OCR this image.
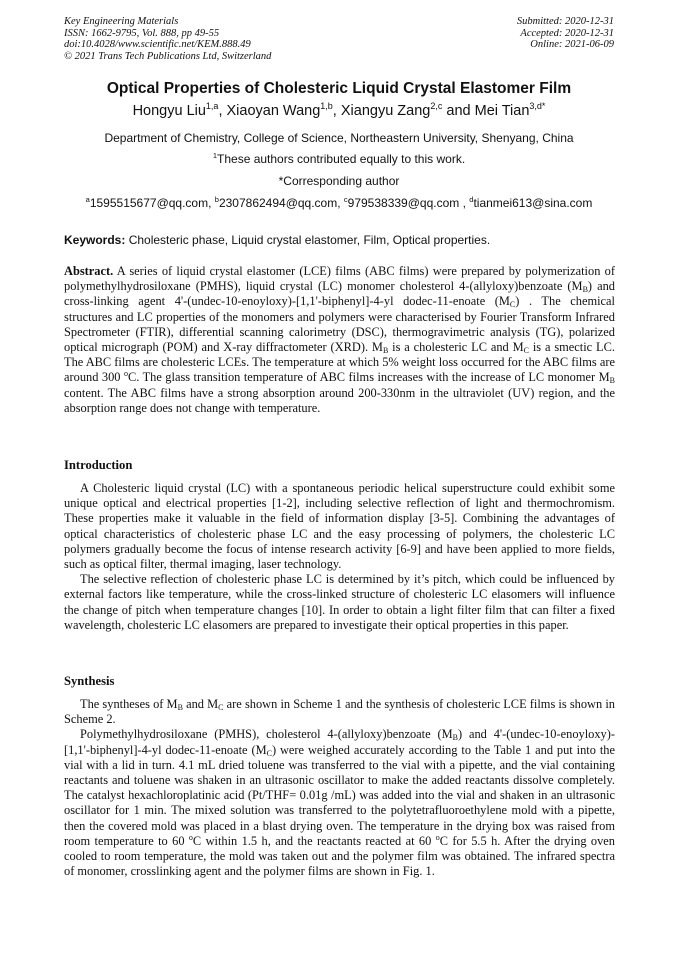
Key Engineering Materials
ISSN: 1662-9795, Vol. 888, pp 49-55
doi:10.4028/www.scientific.net/KEM.888.49
© 2021 Trans Tech Publications Ltd, Switzerland
Submitted: 2020-12-31
Accepted: 2020-12-31
Online: 2021-06-09
Optical Properties of Cholesteric Liquid Crystal Elastomer Film
Hongyu Liu$^{1,a}$, Xiaoyan Wang$^{1,b}$, Xiangyu Zang$^{2,c}$ and Mei Tian$^{3,d*}$
Department of Chemistry, College of Science, Northeastern University, Shenyang, China
$^1$These authors contributed equally to this work.
*Corresponding author
$^a$1595515677@qq.com, $^b$2307862494@qq.com, $^c$979538339@qq.com , $^d$tianmei613@sina.com
Keywords: Cholesteric phase, Liquid crystal elastomer, Film, Optical properties.

Abstract. A series of liquid crystal elastomer (LCE) films (ABC films) were prepared by polymerization of polymethylhydrosiloxane (PMHS), liquid crystal (LC) monomer cholesterol 4-(allyloxy)benzoate $(M_B)$ and cross-linking agent 4'-(undec-10-enoyloxy)-[1,1'-biphenyl]-4-yl dodec-11-enoate $(M_C)$ . The chemical structures and LC properties of the monomers and polymers were characterised by Fourier Transform Infrared Spectrometer (FTIR), differential scanning calorimetry (DSC), thermogravimetric analysis (TG), polarized optical micrograph (POM) and X-ray diffractometer (XRD). $M_B$ is a cholesteric LC and $M_C$ is a smectic LC. The ABC films are cholesteric LCEs. The temperature at which 5% weight loss occurred for the ABC films are around 300 $^o$C. The glass transition temperature of ABC films increases with the increase of LC monomer $M_B$ content. The ABC films have a strong absorption around 200-330nm in the ultraviolet (UV) region, and the absorption range does not change with temperature.

Introduction

A Cholesteric liquid crystal (LC) with a spontaneous periodic helical superstructure could exhibit some unique optical and electrical properties [1-2], including selective reflection of light and thermochromism. These properties make it valuable in the field of information display [3-5]. Combining the advantages of optical characteristics of cholesteric phase LC and the easy processing of polymers, the cholesteric LC polymers gradually become the focus of intense research activity [6-9] and have been applied to more fields, such as optical filter, thermal imaging, laser technology.

The selective reflection of cholesteric phase LC is determined by it’s pitch, which could be influenced by external factors like temperature, while the cross-linked structure of cholesteric LC elasomers will influence the change of pitch when temperature changes [10]. In order to obtain a light filter film that can filter a fixed wavelength, cholesteric LC elasomers are prepared to investigate their optical properties in this paper.

Synthesis

The syntheses of $M_B$ and $M_C$ are shown in Scheme 1 and the synthesis of cholesteric LCE films is shown in Scheme 2.

Polymethylhydrosiloxane (PMHS), cholesterol 4-(allyloxy)benzoate $(M_B)$ and 4'-(undec-10-enoyloxy)-[1,1'-biphenyl]-4-yl dodec-11-enoate $(M_C)$ were weighed accurately according to the Table 1 and put into the vial with a lid in turn. 4.1 mL dried toluene was transferred to the vial with a pipette, and the vial containing reactants and toluene was shaken in an ultrasonic oscillator to make the added reactants dissolve completely. The catalyst hexachloroplatinic acid (Pt/THF= 0.01g /mL) was added into the vial and shaken in an ultrasonic oscillator for 1 min. The mixed solution was transferred to the polytetrafluoroethylene mold with a pipette, then the covered mold was placed in a blast drying oven. The temperature in the drying box was raised from room temperature to 60 $^o$C within 1.5 h, and the reactants reacted at 60 $^o$C for 5.5 h. After the drying oven cooled to room temperature, the mold was taken out and the polymer film was obtained. The infrared spectra of monomer, crosslinking agent and the polymer films are shown in Fig. 1.
